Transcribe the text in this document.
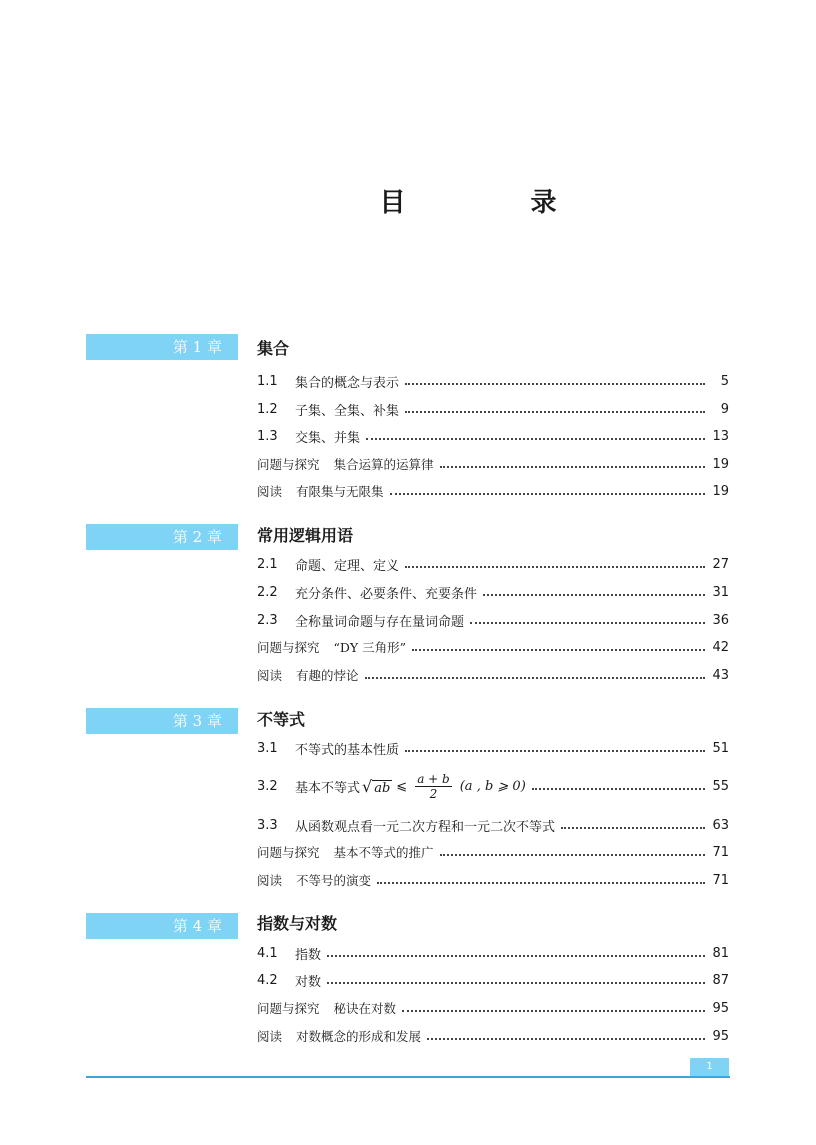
目 录
第 1 章	集合
1.1	集合的概念与表示	5
1.2	子集、全集、补集	9
1.3	交集、并集	13
问题与探究 集合运算的运算律	19
阅读 有限集与无限集	19
第 2 章	常用逻辑用语
2.1	命题、定理、定义	27
2.2	充分条件、必要条件、充要条件	31
2.3	全称量词命题与存在量词命题	36
问题与探究 “DY 三角形”	42
阅读 有趣的悖论	43
第 3 章	不等式
3.1	不等式的基本性质	51
3.2	基本不等式 √ ab ⩽ $\frac{a + b}{2} (a$ , b ⩾ 0)	55
3.3	从函数观点看一元二次方程和一元二次不等式	63
问题与探究 基本不等式的推广	71
阅读 不等号的演变	71
第 4 章	指数与对数
4.1	指数	81
4.2	对数	87
问题与探究 秘诀在对数	95
阅读 对数概念的形成和发展	95
1
